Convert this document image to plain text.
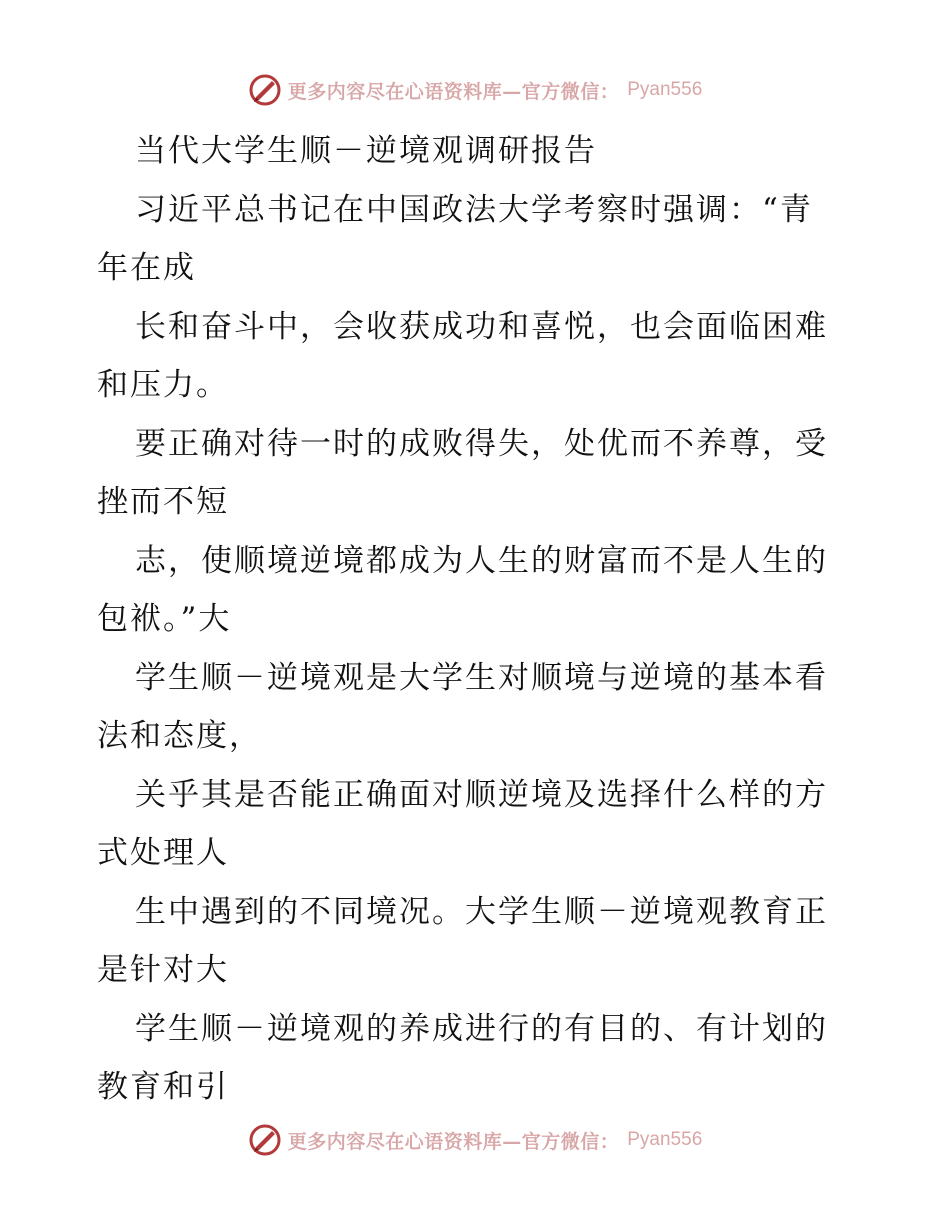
更多内容尽在心语资料库—官方微信： Pyan556
当代大学生顺－逆境观调研报告
习近平总书记在中国政法大学考察时强调：“青
年在成
长和奋斗中，会收获成功和喜悦，也会面临困难
和压力。
要正确对待一时的成败得失，处优而不养尊，受
挫而不短
志，使顺境逆境都成为人生的财富而不是人生的
包袱。”大
学生顺－逆境观是大学生对顺境与逆境的基本看
法和态度，
关乎其是否能正确面对顺逆境及选择什么样的方
式处理人
生中遇到的不同境况。大学生顺－逆境观教育正
是针对大
学生顺－逆境观的养成进行的有目的、有计划的
教育和引
更多内容尽在心语资料库—官方微信： Pyan556
